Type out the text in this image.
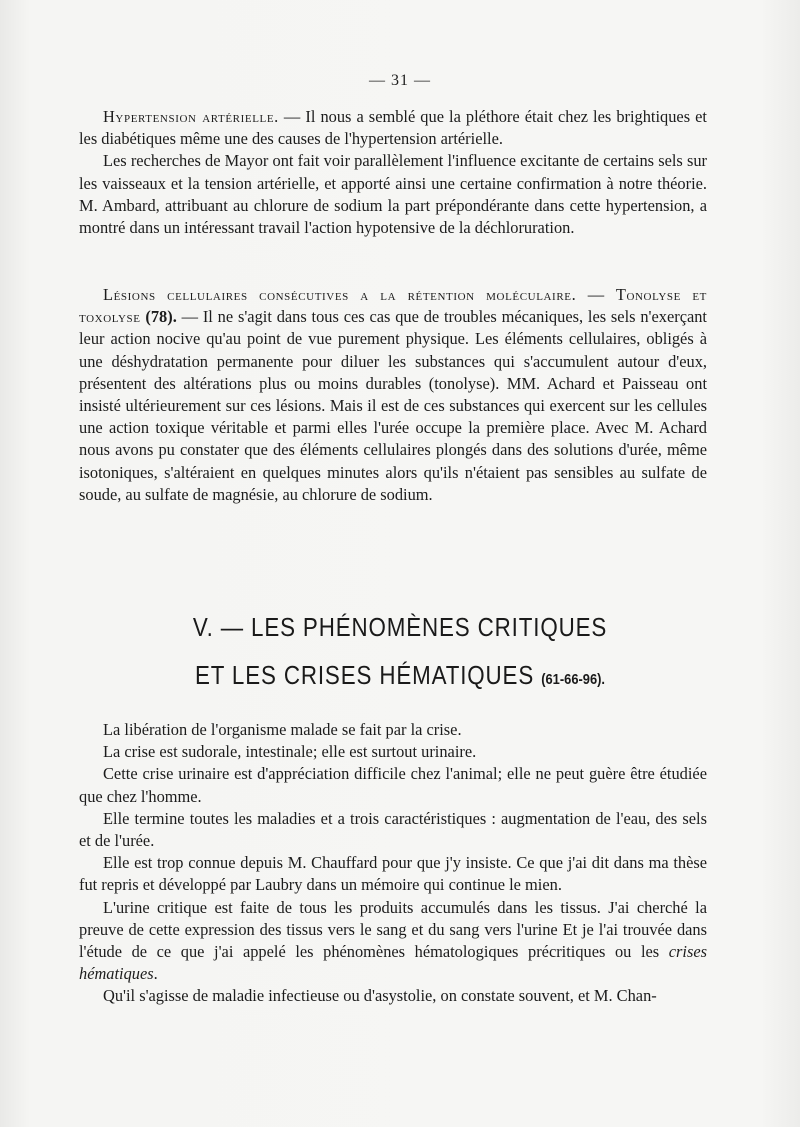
— 31 —

Hypertension artérielle. — Il nous a semblé que la pléthore était chez les brightiques et les diabétiques même une des causes de l'hypertension artérielle.

Les recherches de Mayor ont fait voir parallèlement l'influence excitante de certains sels sur les vaisseaux et la tension artérielle, et apporté ainsi une certaine confirmation à notre théorie. M. Ambard, attribuant au chlorure de sodium la part prépondérante dans cette hypertension, a montré dans un intéressant travail l'action hypotensive de la déchloruration.

Lésions cellulaires consécutives a la rétention moléculaire. — Tonolyse et toxolyse (78). — Il ne s'agit dans tous ces cas que de troubles mécaniques, les sels n'exerçant leur action nocive qu'au point de vue purement physique. Les éléments cellulaires, obligés à une déshydratation permanente pour diluer les substances qui s'accumulent autour d'eux, présentent des altérations plus ou moins durables (tonolyse). MM. Achard et Paisseau ont insisté ultérieurement sur ces lésions. Mais il est de ces substances qui exercent sur les cellules une action toxique véritable et parmi elles l'urée occupe la première place. Avec M. Achard nous avons pu constater que des éléments cellulaires plongés dans des solutions d'urée, même isotoniques, s'altéraient en quelques minutes alors qu'ils n'étaient pas sensibles au sulfate de soude, au sulfate de magnésie, au chlorure de sodium.

V. — LES PHÉNOMÈNES CRITIQUES
ET LES CRISES HÉMATIQUES (61-66-96).

La libération de l'organisme malade se fait par la crise.

La crise est sudorale, intestinale; elle est surtout urinaire.

Cette crise urinaire est d'appréciation difficile chez l'animal; elle ne peut guère être étudiée que chez l'homme.

Elle termine toutes les maladies et a trois caractéristiques : augmentation de l'eau, des sels et de l'urée.

Elle est trop connue depuis M. Chauffard pour que j'y insiste. Ce que j'ai dit dans ma thèse fut repris et développé par Laubry dans un mémoire qui continue le mien.

L'urine critique est faite de tous les produits accumulés dans les tissus. J'ai cherché la preuve de cette expression des tissus vers le sang et du sang vers l'urine Et je l'ai trouvée dans l'étude de ce que j'ai appelé les phénomènes hématologiques précritiques ou les crises hématiques.

Qu'il s'agisse de maladie infectieuse ou d'asystolie, on constate souvent, et M. Chan-
